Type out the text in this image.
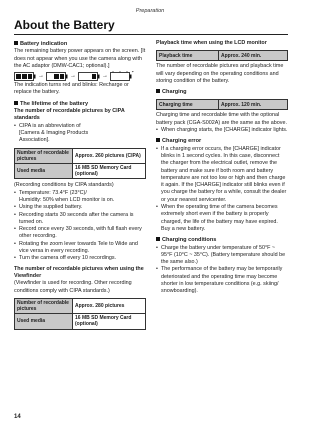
Preparation
About the Battery
Battery indication
The remaining battery power appears on the screen. [It does not appear when you use the camera along with the AC adaptor (DMW-CAC1; optional).]
→	→	→
The indication turns red and blinks: Recharge or replace the battery.
The lifetime of the battery
The number of recordable pictures by CIPA standards
• CIPA is an abbreviation of
[Camera & Imaging Products
Association].
Number of recordable pictures	Approx. 260 pictures (CIPA)
Used media	16 MB SD Memory Card (optional)
(Recording conditions by CIPA standards)
• Temperature: 73.4°F (23°C)/
Humidity: 50% when LCD monitor is on.
• Using the supplied battery.
• Recording starts 30 seconds after the camera is turned on.
• Record once every 30 seconds, with full flash every other recording.
• Rotating the zoom lever towards Tele to Wide and vice versa in every recording.
• Turn the camera off every 10 recordings.
The number of recordable pictures when using the Viewfinder
(Viewfinder is used for recording. Other recording conditions comply with CIPA standards.)
Number of recordable pictures	Approx. 280 pictures
Used media	16 MB SD Memory Card (optional)
Playback time when using the LCD monitor
Playback time	Approx. 240 min.
The number of recordable pictures and playback time will vary depending on the operating conditions and storing condition of the battery.
Charging
Charging time	Approx. 120 min.
Charging time and recordable time with the optional battery pack (CGA-S002A) are the same as the above.
• When charging starts, the [CHARGE] indicator lights.
Charging error
• If a charging error occurs, the [CHARGE] indicator blinks in 1 second cycles. In this case, disconnect the charger from the electrical outlet, remove the battery and make sure if both room and battery temperature are not too low or high and then charge it again. If the [CHARGE] indicator still blinks even if you charge the battery for a while, consult the dealer or your nearest servicenter.
• When the operating time of the camera becomes extremely short even if the battery is properly charged, the life of the battery may have expired. Buy a new battery.
Charging conditions
• Charge the battery under temperature of 50°F ~ 95°F (10°C ~ 35°C). (Battery temperature should be the same also.)
• The performance of the battery may be temporarily deteriorated and the operating time may become shorter in low temperature conditions (e.g. skiing/ snowboarding).
14
